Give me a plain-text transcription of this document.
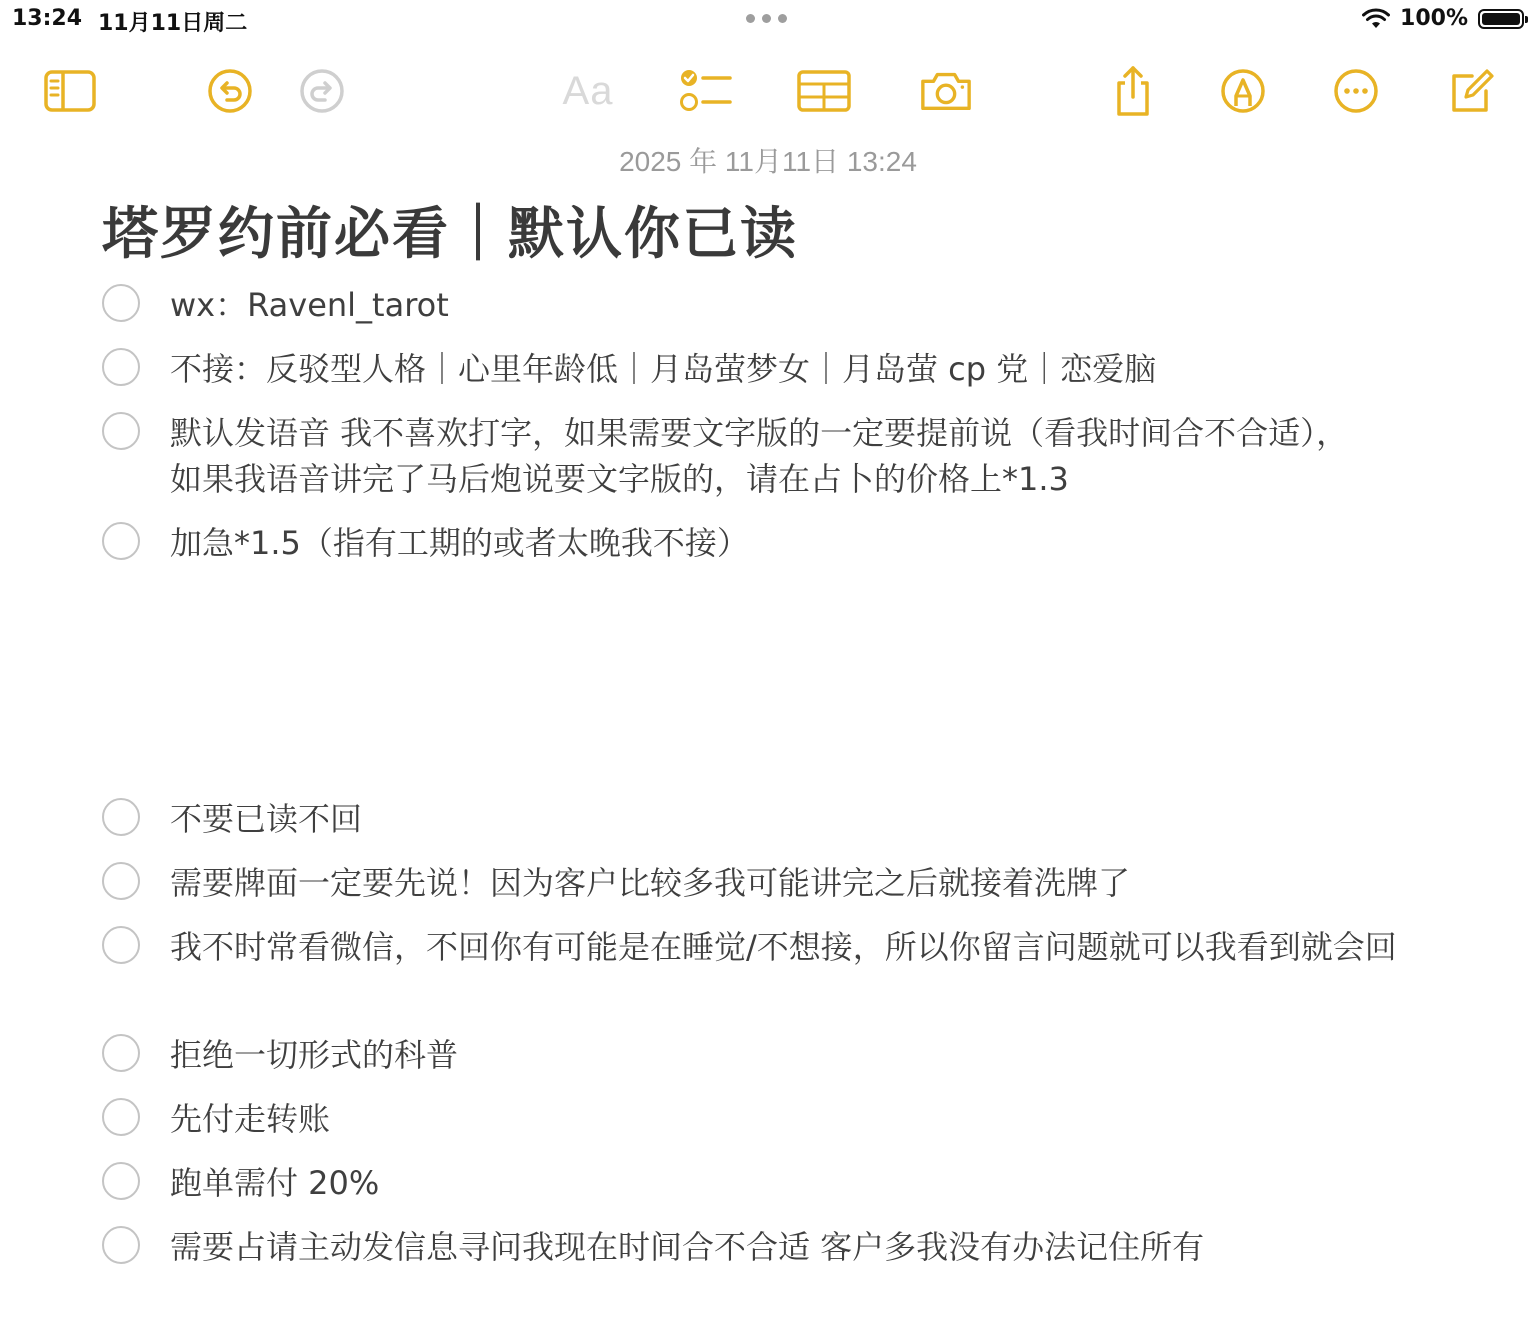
13:24 11月11日周二	100%
Aa
2025 年 11月11日 13:24
塔罗约前必看｜默认你已读
wx：Ravenl_tarot
不接：反驳型人格｜心里年龄低｜月岛萤梦女｜月岛萤 cp 党｜恋爱脑
默认发语音 我不喜欢打字，如果需要文字版的一定要提前说（看我时间合不合适），如果我语音讲完了马后炮说要文字版的，请在占卜的价格上*1.3
加急*1.5（指有工期的或者太晚我不接）
不要已读不回
需要牌面一定要先说！因为客户比较多我可能讲完之后就接着洗牌了
我不时常看微信，不回你有可能是在睡觉/不想接，所以你留言问题就可以我看到就会回
拒绝一切形式的科普
先付走转账
跑单需付 20%
需要占请主动发信息寻问我现在时间合不合适 客户多我没有办法记住所有
